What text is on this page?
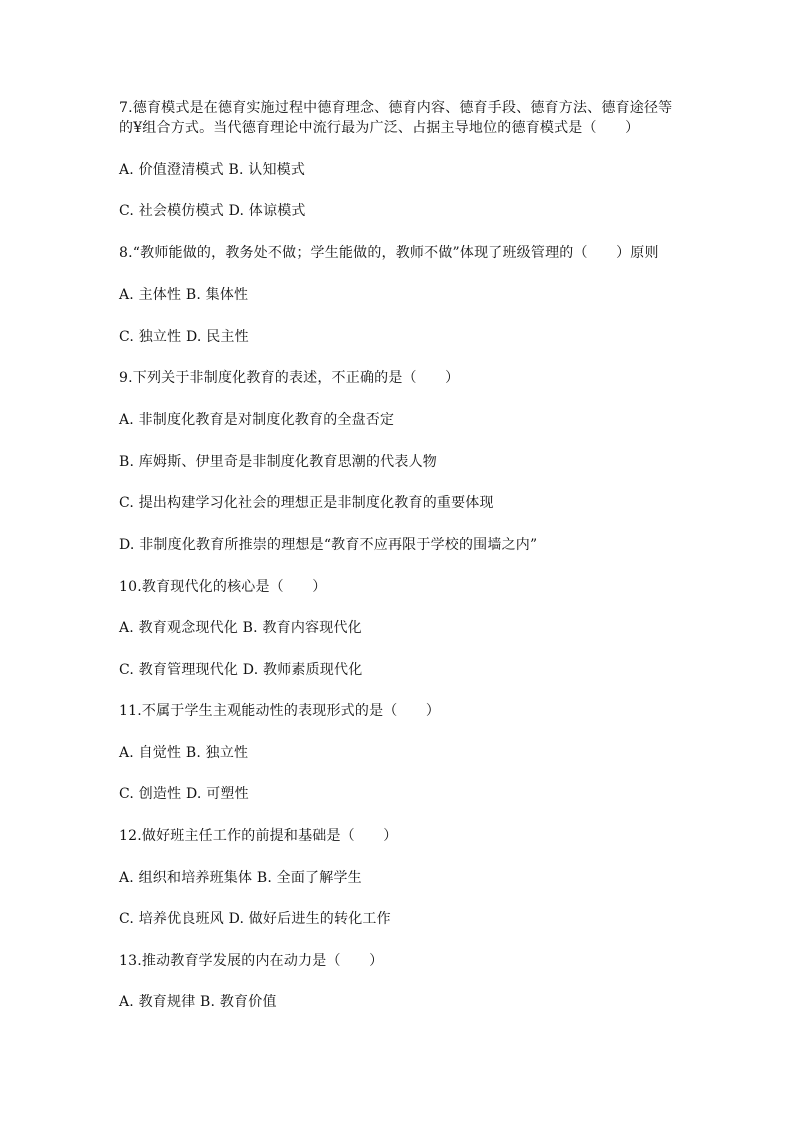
7.德育模式是在德育实施过程中德育理念、德育内容、德育手段、德育方法、德育途径等
的¥组合方式。当代德育理论中流行最为广泛、占据主导地位的德育模式是（　　）
A. 价值澄清模式 B. 认知模式
C. 社会模仿模式 D. 体谅模式
8.“教师能做的，教务处不做；学生能做的，教师不做”体现了班级管理的（　　）原则
A. 主体性 B. 集体性
C. 独立性 D. 民主性
9.下列关于非制度化教育的表述，不正确的是（　　）
A. 非制度化教育是对制度化教育的全盘否定
B. 库姆斯、伊里奇是非制度化教育思潮的代表人物
C. 提出构建学习化社会的理想正是非制度化教育的重要体现
D. 非制度化教育所推崇的理想是“教育不应再限于学校的围墙之内”
10.教育现代化的核心是（　　）
A. 教育观念现代化 B. 教育内容现代化
C. 教育管理现代化 D. 教师素质现代化
11.不属于学生主观能动性的表现形式的是（　　）
A. 自觉性 B. 独立性
C. 创造性 D. 可塑性
12.做好班主任工作的前提和基础是（　　）
A. 组织和培养班集体 B. 全面了解学生
C. 培养优良班风 D. 做好后进生的转化工作
13.推动教育学发展的内在动力是（　　）
A. 教育规律 B. 教育价值
